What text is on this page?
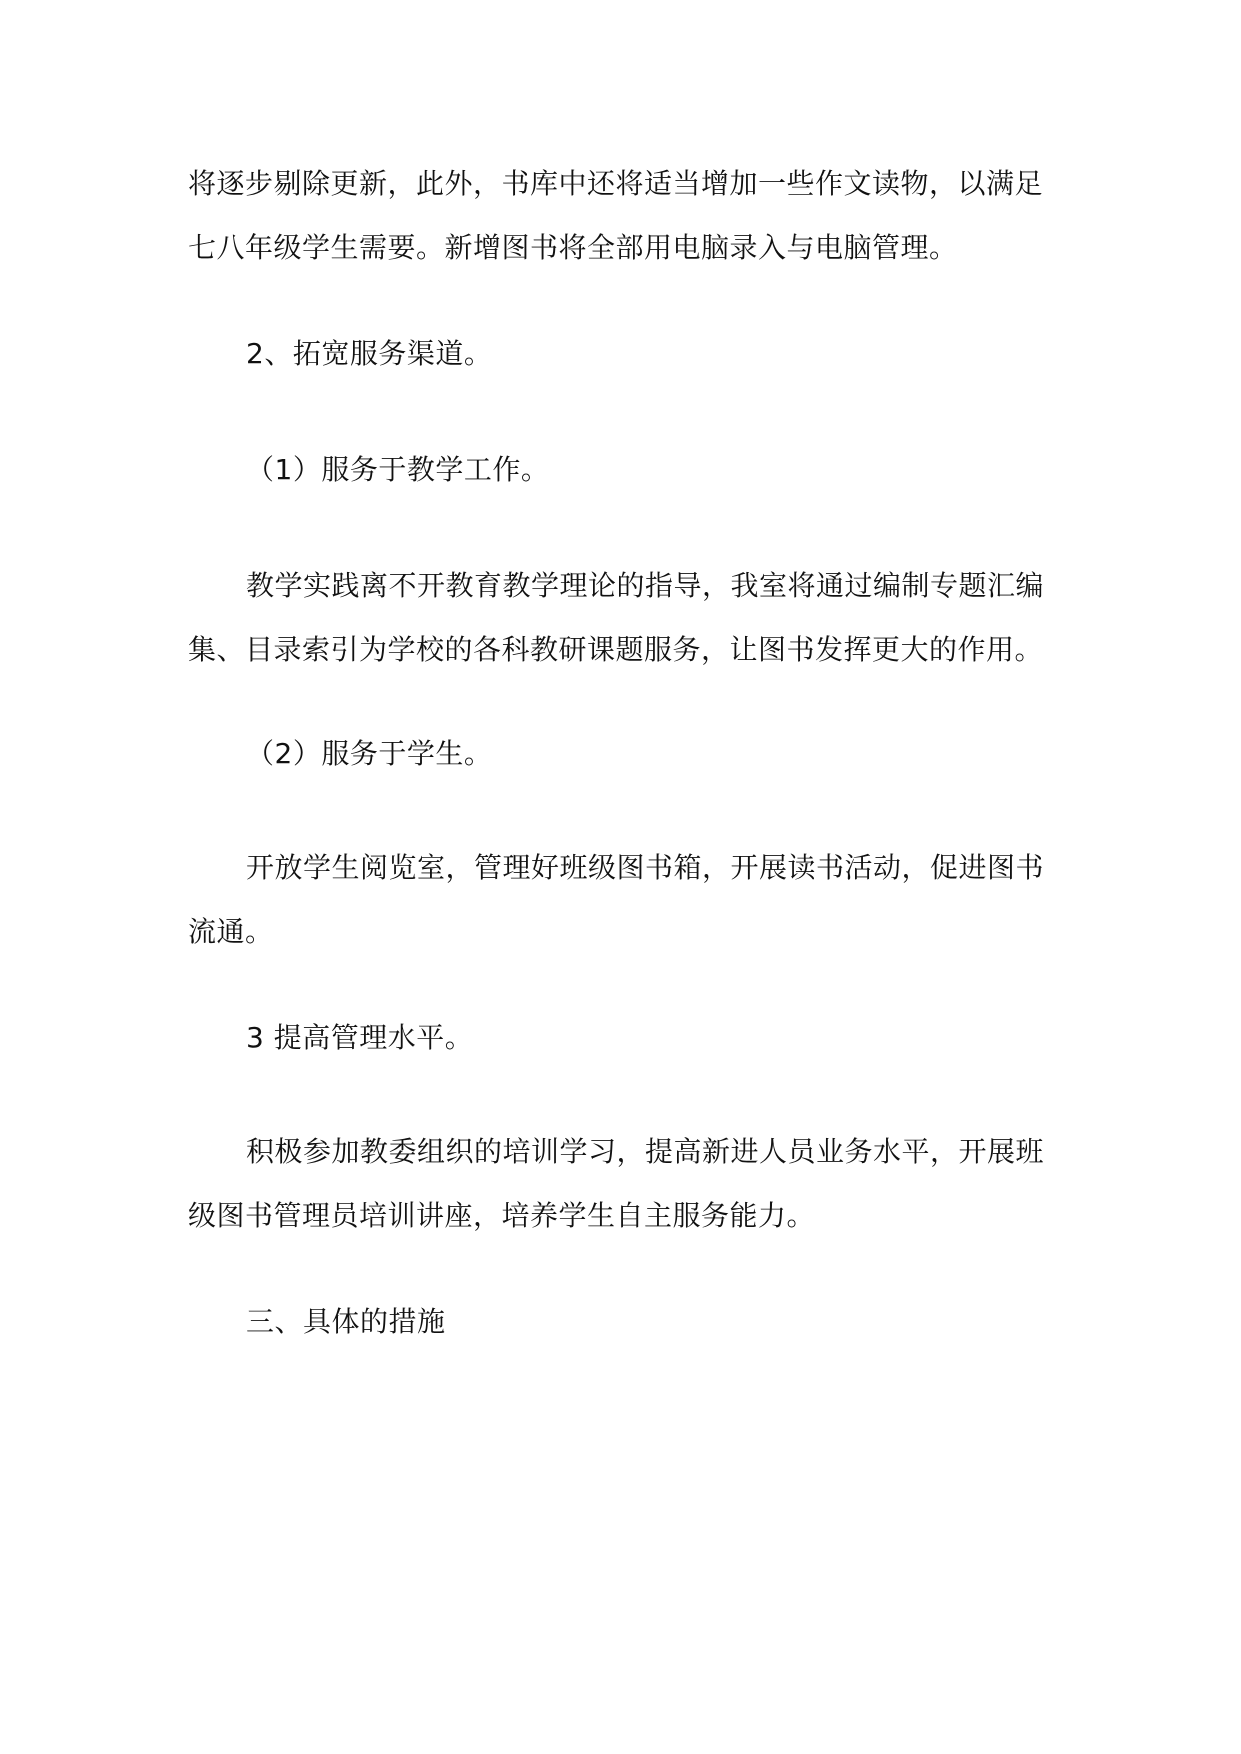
将逐步剔除更新，此外，书库中还将适当增加一些作文读物，以满足
七八年级学生需要。新增图书将全部用电脑录入与电脑管理。

2、拓宽服务渠道。

（1）服务于教学工作。

教学实践离不开教育教学理论的指导，我室将通过编制专题汇编
集、目录索引为学校的各科教研课题服务，让图书发挥更大的作用。

（2）服务于学生。

开放学生阅览室，管理好班级图书箱，开展读书活动，促进图书
流通。

3 提高管理水平。

积极参加教委组织的培训学习，提高新进人员业务水平，开展班
级图书管理员培训讲座，培养学生自主服务能力。

三、具体的措施
